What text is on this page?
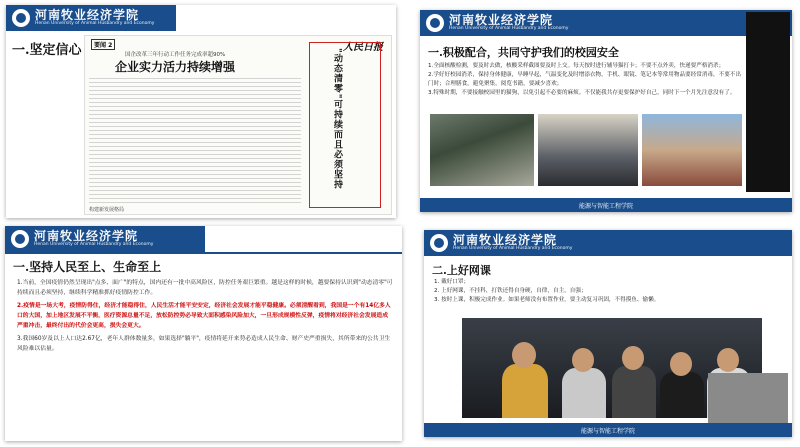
河南牧业经济学院
Henan University of Animal Husbandry and Economy
一.坚定信心	要闻 2	人民日报
国企改革三年行动工作任务完成率超90%
企业实力活力持续增强	"动态清零"可持续而且必须坚持
构建新发展格局
河南牧业经济学院
Henan University of Animal Husbandry and Economy
一.积极配合，共同守护我们的校园安全
1.全面核酸检测，要及时去做，核酸采样截图要及时上交。每天按时进行辅导猫打卡；不要不点外卖，快递要严格消杀；
2.学好好校园消杀，保持身体健康，早睡早起，气温变化及时增添衣物，手机、眼镜、笔记本等常用物品要经常消毒，不要不出门时；合理膳食，避免聚集，阅览书籍，要减少喜欢；
3.特殊时期，不要接触校园里的猫狗，以免引起不必要的麻烦。不仅能我共存更要保护好自己，同时下一个月先注意没有了。
能源与智能工程学院
河南牧业经济学院
Henan University of Animal Husbandry and Economy
一.坚持人民至上、生命至上
1.当前，全国疫情仍然呈现出"点多、面广"的特点，国内还有一批中高风险区，防控任务艰巨繁重。越是这样的时候，越要保持认识到"动态清零"可持续而且必须坚持，继续科学精准抓好疫情防控工作。
2.疫情是一场大考，疫情防得住，经济才能稳得住，人民生活才能平安安定，经济社会发展才能平稳健康。必须清醒看到，我国是一个有14亿多人口的大国，加上地区发展不平衡，医疗资源总量不足，放松防控势必导致大面积感染风险加大，一旦形成规模性反弹，疫情将对经济社会发展造成严重冲击，最终付出的代价会更高，损失会更大。
3.我国60岁及以上人口达2.67亿，老年人群体数量多，如果选择"躺平"，疫情将延开来势必造成人民生命、财产史严重损失，其所带来的公共卫生风险难以估量。
河南牧业经济学院
Henan University of Animal Husbandry and Economy
二.上好网课
1. 戴好口罩；
2. 上好网课，不挂科，打铁还得自身硬，自律，自主，自强；
3. 按时上课，积极完成作业。如果老师没有布置作业，要主动复习巩固，不得摸鱼、偷懒。
能源与智能工程学院
